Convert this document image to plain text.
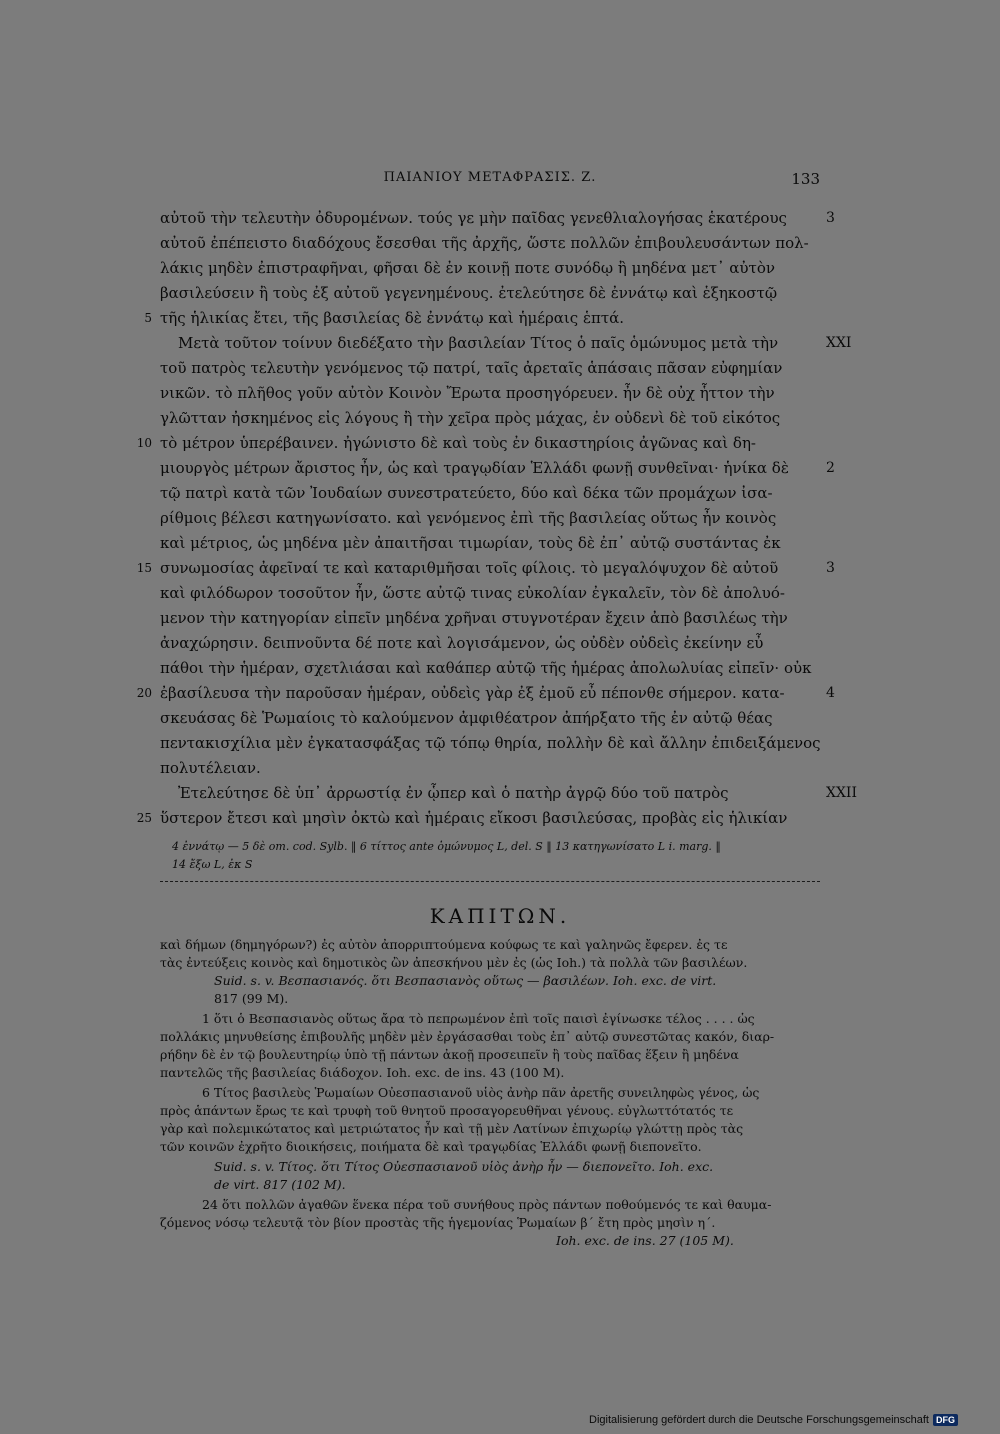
ΠΑΙΑΝΙΟΥ ΜΕΤΑΦΡΑΣΙΣ. Ζ.	133
αὐτοῦ τὴν τελευτὴν ὀδυρομένων. τούς γε μὴν παῖδας γενεθλιαλογήσας ἑκατέρους
αὐτοῦ ἐπέπειστο διαδόχους ἔσεσθαι τῆς ἀρχῆς, ὥστε πολλῶν ἐπιβουλευσάντων πολ-
λάκις μηδὲν ἐπιστραφῆναι, φῆσαι δὲ ἐν κοινῇ ποτε συνόδῳ ἢ μηδένα μετ᾽ αὐτὸν
βασιλεύσειν ἢ τοὺς ἐξ αὐτοῦ γεγενημένους. ἐτελεύτησε δὲ ἐννάτῳ καὶ ἑξηκοστῷ
τῆς ἡλικίας ἔτει, τῆς βασιλείας δὲ ἐννάτῳ καὶ ἡμέραις ἑπτά.
Μετὰ τοῦτον τοίνυν διεδέξατο τὴν βασιλείαν Τίτος ὁ παῖς ὁμώνυμος μετὰ τὴν
τοῦ πατρὸς τελευτὴν γενόμενος τῷ πατρί, ταῖς ἀρεταῖς ἁπάσαις πᾶσαν εὐφημίαν
νικῶν. τὸ πλῆθος γοῦν αὐτὸν Κοινὸν Ἔρωτα προσηγόρευεν. ἦν δὲ οὐχ ἧττον τὴν
γλῶτταν ἠσκημένος εἰς λόγους ἢ τὴν χεῖρα πρὸς μάχας, ἐν οὐδενὶ δὲ τοῦ εἰκότος
τὸ μέτρον ὑπερέβαινεν. ἠγώνιστο δὲ καὶ τοὺς ἐν δικαστηρίοις ἀγῶνας καὶ δη-
μιουργὸς μέτρων ἄριστος ἦν, ὡς καὶ τραγῳδίαν Ἑλλάδι φωνῇ συνθεῖναι· ἡνίκα δὲ
τῷ πατρὶ κατὰ τῶν Ἰουδαίων συνεστρατεύετο, δύο καὶ δέκα τῶν προμάχων ἰσα-
ρίθμοις βέλεσι κατηγωνίσατο. καὶ γενόμενος ἐπὶ τῆς βασιλείας οὕτως ἦν κοινὸς
καὶ μέτριος, ὡς μηδένα μὲν ἀπαιτῆσαι τιμωρίαν, τοὺς δὲ ἐπ᾽ αὐτῷ συστάντας ἐκ
συνωμοσίας ἀφεῖναί τε καὶ καταριθμῆσαι τοῖς φίλοις. τὸ μεγαλόψυχον δὲ αὐτοῦ
καὶ φιλόδωρον τοσοῦτον ἦν, ὥστε αὐτῷ τινας εὐκολίαν ἐγκαλεῖν, τὸν δὲ ἀπολυό-
μενον τὴν κατηγορίαν εἰπεῖν μηδένα χρῆναι στυγνοτέραν ἔχειν ἀπὸ βασιλέως τὴν
ἀναχώρησιν. δειπνοῦντα δέ ποτε καὶ λογισάμενον, ὡς οὐδὲν οὐδεὶς ἐκείνην εὖ
πάθοι τὴν ἡμέραν, σχετλιάσαι καὶ καθάπερ αὐτῷ τῆς ἡμέρας ἀπολωλυίας εἰπεῖν· οὐκ
ἐβασίλευσα τὴν παροῦσαν ἡμέραν, οὐδεὶς γὰρ ἐξ ἐμοῦ εὖ πέπονθε σήμερον. κατα-
σκευάσας δὲ Ῥωμαίοις τὸ καλούμενον ἀμφιθέατρον ἀπήρξατο τῆς ἐν αὐτῷ θέας
πεντακισχίλια μὲν ἐγκατασφάξας τῷ τόπῳ θηρία, πολλὴν δὲ καὶ ἄλλην ἐπιδειξάμενος
πολυτέλειαν.
Ἐτελεύτησε δὲ ὑπ᾽ ἀρρωστίᾳ ἐν ᾧπερ καὶ ὁ πατὴρ ἀγρῷ δύο τοῦ πατρὸς
ὕστερον ἔτεσι καὶ μησὶν ὀκτὼ καὶ ἡμέραις εἴκοσι βασιλεύσας, προβὰς εἰς ἡλικίαν
5
10
15
20
25
3
XXI
2
3
4
XXII
4 ἐννάτῳ — 5 δὲ om. cod. Sylb. ‖ 6 τίττος ante ὁμώνυμος L, del. S ‖ 13 κατηγωνίσατο L i. marg. ‖
14 ἔξω L, ἐκ S
ΚΑΠΙΤΩΝ.
καὶ δήμων (δημηγόρων?) ἐς αὐτὸν ἀπορριπτούμενα κούφως τε καὶ γαληνῶς ἔφερεν. ἐς τε
τὰς ἐντεύξεις κοινὸς καὶ δημοτικὸς ὢν ἀπεσκήνου μὲν ἐς (ὡς Ioh.) τὰ πολλὰ τῶν βασιλέων.
Suid. s. v. Βεσπασιανός. ὅτι Βεσπασιανὸς οὕτως — βασιλέων. Ioh. exc. de virt.
817 (99 M).
1 ὅτι ὁ Βεσπασιανὸς οὕτως ἄρα τὸ πεπρωμένον ἐπὶ τοῖς παισὶ ἐγίνωσκε τέλος . . . . ὡς
πολλάκις μηνυθείσης ἐπιβουλῆς μηδὲν μὲν ἐργάσασθαι τοὺς ἐπ᾽ αὐτῷ συνεστῶτας κακόν, διαρ-
ρήδην δὲ ἐν τῷ βουλευτηρίῳ ὑπὸ τῇ πάντων ἀκοῇ προσειπεῖν ἢ τοὺς παῖδας ἕξειν ἢ μηδένα
παντελῶς τῆς βασιλείας διάδοχον. Ioh. exc. de ins. 43 (100 M).
6 Τίτος βασιλεὺς Ῥωμαίων Οὐεσπασιανοῦ υἱὸς ἀνὴρ πᾶν ἀρετῆς συνειληφὼς γένος, ὡς
πρὸς ἁπάντων ἔρως τε καὶ τρυφὴ τοῦ θνητοῦ προσαγορευθῆναι γένους. εὐγλωττότατός τε
γὰρ καὶ πολεμικώτατος καὶ μετριώτατος ἦν καὶ τῇ μὲν Λατίνων ἐπιχωρίῳ γλώττῃ πρὸς τὰς
τῶν κοινῶν ἐχρῆτο διοικήσεις, ποιήματα δὲ καὶ τραγῳδίας Ἑλλάδι φωνῇ διεπονεῖτο.
Suid. s. v. Τίτος. ὅτι Τίτος Οὐεσπασιανοῦ υἱὸς ἀνὴρ ἦν — διεπονεῖτο. Ioh. exc.
de virt. 817 (102 M).
24 ὅτι πολλῶν ἀγαθῶν ἕνεκα πέρα τοῦ συνήθους πρὸς πάντων ποθούμενός τε καὶ θαυμα-
ζόμενος νόσῳ τελευτᾷ τὸν βίον προστὰς τῆς ἡγεμονίας Ῥωμαίων β΄ ἔτη πρὸς μησὶν η΄.
Ioh. exc. de ins. 27 (105 M).
Digitalisierung gefördert durch die Deutsche Forschungsgemeinschaft DFG
